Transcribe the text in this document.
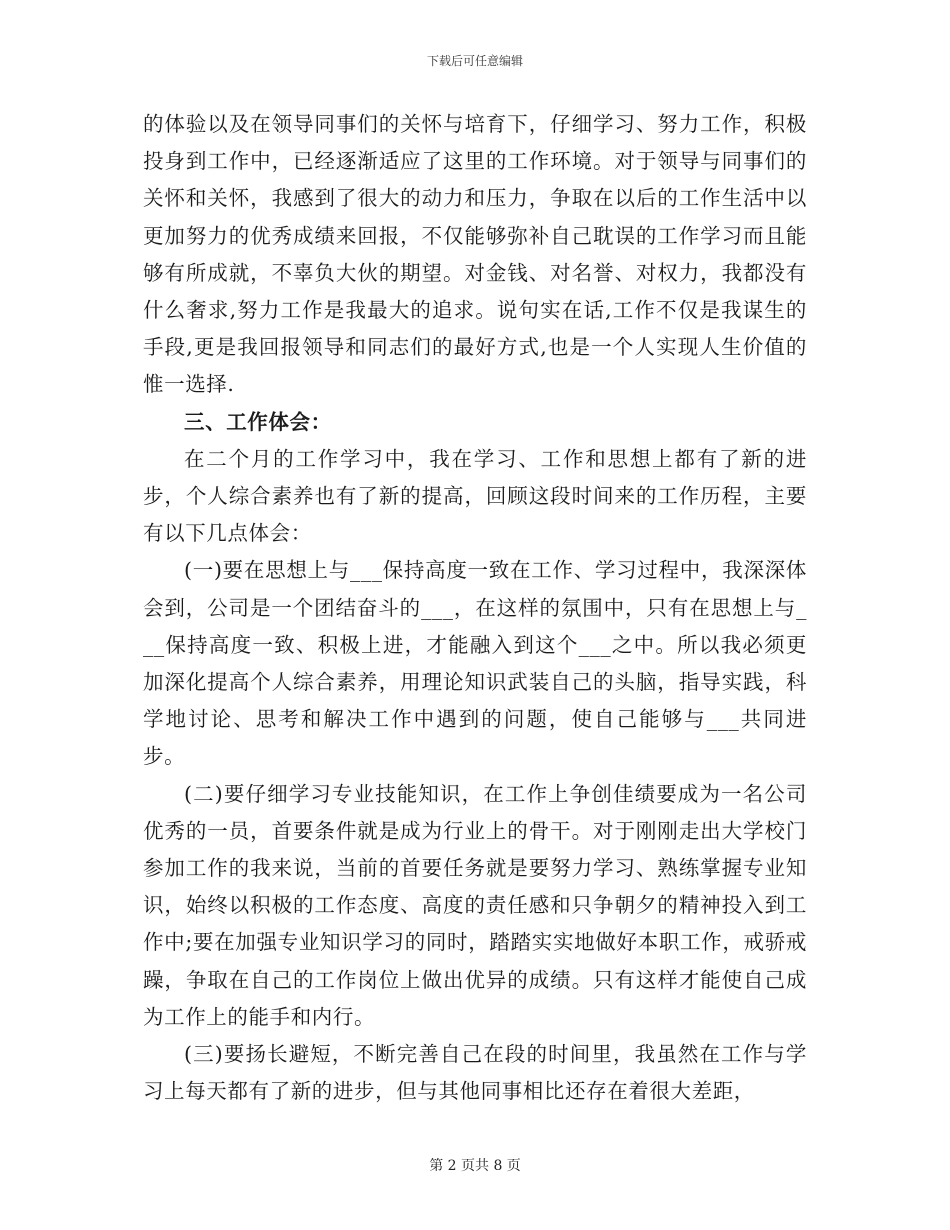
下载后可任意编辑

的体验以及在领导同事们的关怀与培育下，仔细学习、努力工作，积极投身到工作中，已经逐渐适应了这里的工作环境。对于领导与同事们的关怀和关怀，我感到了很大的动力和压力，争取在以后的工作生活中以更加努力的优秀成绩来回报，不仅能够弥补自己耽误的工作学习而且能够有所成就，不辜负大伙的期望。对金钱、对名誉、对权力，我都没有什么奢求,努力工作是我最大的追求。说句实在话,工作不仅是我谋生的手段,更是我回报领导和同志们的最好方式,也是一个人实现人生价值的惟一选择.

三、工作体会：

在二个月的工作学习中，我在学习、工作和思想上都有了新的进步，个人综合素养也有了新的提高，回顾这段时间来的工作历程，主要有以下几点体会：

(一)要在思想上与___保持高度一致在工作、学习过程中，我深深体会到，公司是一个团结奋斗的___，在这样的氛围中，只有在思想上与___保持高度一致、积极上进，才能融入到这个___之中。所以我必须更加深化提高个人综合素养，用理论知识武装自己的头脑，指导实践，科学地讨论、思考和解决工作中遇到的问题，使自己能够与___共同进步。

(二)要仔细学习专业技能知识，在工作上争创佳绩要成为一名公司优秀的一员，首要条件就是成为行业上的骨干。对于刚刚走出大学校门参加工作的我来说，当前的首要任务就是要努力学习、熟练掌握专业知识，始终以积极的工作态度、高度的责任感和只争朝夕的精神投入到工作中;要在加强专业知识学习的同时，踏踏实实地做好本职工作，戒骄戒躁，争取在自己的工作岗位上做出优异的成绩。只有这样才能使自己成为工作上的能手和内行。

(三)要扬长避短，不断完善自己在段的时间里，我虽然在工作与学习上每天都有了新的进步，但与其他同事相比还存在着很大差距，

第 2 页共 8 页
